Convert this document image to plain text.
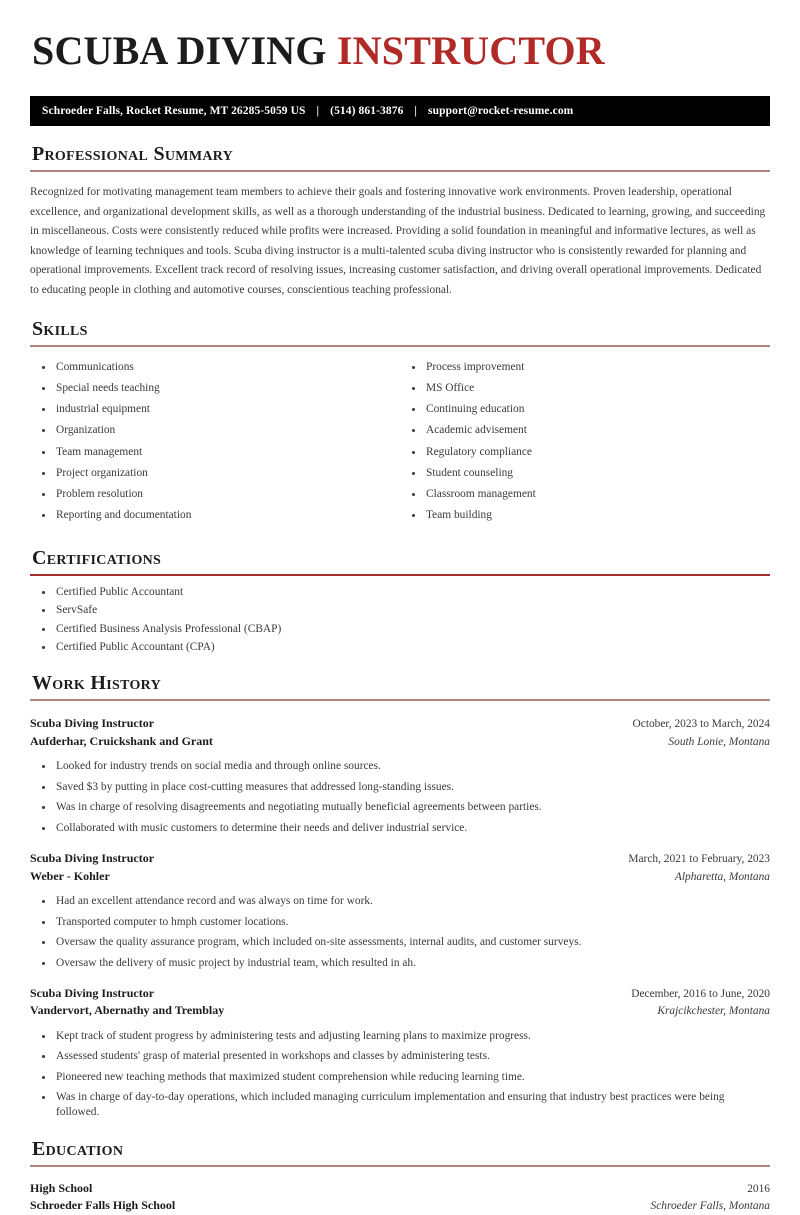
SCUBA DIVING INSTRUCTOR
Schroeder Falls, Rocket Resume, MT 26285-5059 US | (514) 861-3876 | support@rocket-resume.com
Professional Summary

Recognized for motivating management team members to achieve their goals and fostering innovative work environments. Proven leadership, operational excellence, and organizational development skills, as well as a thorough understanding of the industrial business. Dedicated to learning, growing, and succeeding in miscellaneous. Costs were consistently reduced while profits were increased. Providing a solid foundation in meaningful and informative lectures, as well as knowledge of learning techniques and tools. Scuba diving instructor is a multi-talented scuba diving instructor who is consistently rewarded for planning and operational improvements. Excellent track record of resolving issues, increasing customer satisfaction, and driving overall operational improvements. Dedicated to educating people in clothing and automotive courses, conscientious teaching professional.

Skills
Communications
Special needs teaching
industrial equipment
Organization
Team management
Project organization
Problem resolution
Reporting and documentation
Process improvement
MS Office
Continuing education
Academic advisement
Regulatory compliance
Student counseling
Classroom management
Team building
Certifications
Certified Public Accountant
ServSafe
Certified Business Analysis Professional (CBAP)
Certified Public Accountant (CPA)
Work History
Scuba Diving Instructor	October, 2023 to March, 2024
Aufderhar, Cruickshank and Grant	South Lonie, Montana
Looked for industry trends on social media and through online sources.
Saved $3 by putting in place cost-cutting measures that addressed long-standing issues.
Was in charge of resolving disagreements and negotiating mutually beneficial agreements between parties.
Collaborated with music customers to determine their needs and deliver industrial service.
Scuba Diving Instructor	March, 2021 to February, 2023
Weber - Kohler	Alpharetta, Montana
Had an excellent attendance record and was always on time for work.
Transported computer to hmph customer locations.
Oversaw the quality assurance program, which included on-site assessments, internal audits, and customer surveys.
Oversaw the delivery of music project by industrial team, which resulted in ah.
Scuba Diving Instructor	December, 2016 to June, 2020
Vandervort, Abernathy and Tremblay	Krajcikchester, Montana
Kept track of student progress by administering tests and adjusting learning plans to maximize progress.
Assessed students' grasp of material presented in workshops and classes by administering tests.
Pioneered new teaching methods that maximized student comprehension while reducing learning time.
Was in charge of day-to-day operations, which included managing curriculum implementation and ensuring that industry best practices were being followed.
Education
High School	2016
Schroeder Falls High School	Schroeder Falls, Montana
